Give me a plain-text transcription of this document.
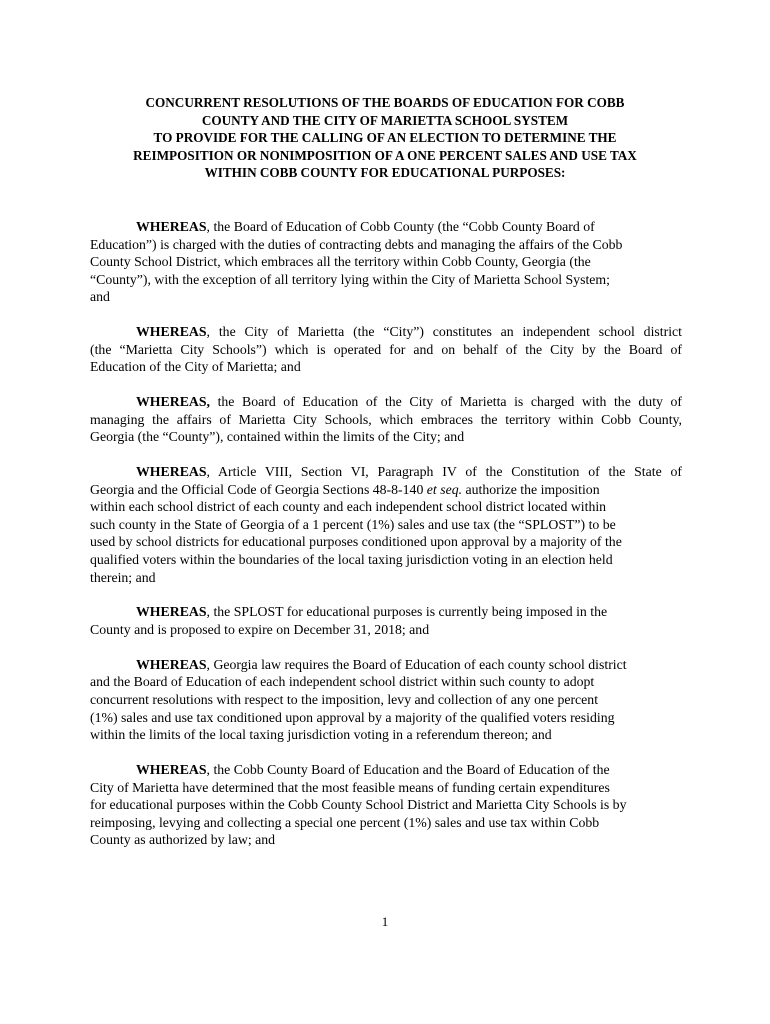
CONCURRENT RESOLUTIONS OF THE BOARDS OF EDUCATION FOR COBB
COUNTY AND THE CITY OF MARIETTA SCHOOL SYSTEM
TO PROVIDE FOR THE CALLING OF AN ELECTION TO DETERMINE THE
REIMPOSITION OR NONIMPOSITION OF A ONE PERCENT SALES AND USE TAX
WITHIN COBB COUNTY FOR EDUCATIONAL PURPOSES:
WHEREAS, the Board of Education of Cobb County (the “Cobb County Board of
Education”) is charged with the duties of contracting debts and managing the affairs of the Cobb
County School District, which embraces all the territory within Cobb County, Georgia (the
“County”), with the exception of all territory lying within the City of Marietta School System;
and
WHEREAS, the City of Marietta (the “City”) constitutes an independent school district
(the “Marietta City Schools”) which is operated for and on behalf of the City by the Board of
Education of the City of Marietta; and
WHEREAS, the Board of Education of the City of Marietta is charged with the duty of
managing the affairs of Marietta City Schools, which embraces the territory within Cobb County,
Georgia (the “County”), contained within the limits of the City; and
WHEREAS, Article VIII, Section VI, Paragraph IV of the Constitution of the State of
Georgia and the Official Code of Georgia Sections 48-8-140 et seq. authorize the imposition
within each school district of each county and each independent school district located within
such county in the State of Georgia of a 1 percent (1%) sales and use tax (the “SPLOST”) to be
used by school districts for educational purposes conditioned upon approval by a majority of the
qualified voters within the boundaries of the local taxing jurisdiction voting in an election held
therein; and
WHEREAS, the SPLOST for educational purposes is currently being imposed in the
County and is proposed to expire on December 31, 2018; and
WHEREAS, Georgia law requires the Board of Education of each county school district
and the Board of Education of each independent school district within such county to adopt
concurrent resolutions with respect to the imposition, levy and collection of any one percent
(1%) sales and use tax conditioned upon approval by a majority of the qualified voters residing
within the limits of the local taxing jurisdiction voting in a referendum thereon; and
WHEREAS, the Cobb County Board of Education and the Board of Education of the
City of Marietta have determined that the most feasible means of funding certain expenditures
for educational purposes within the Cobb County School District and Marietta City Schools is by
reimposing, levying and collecting a special one percent (1%) sales and use tax within Cobb
County as authorized by law; and
1
